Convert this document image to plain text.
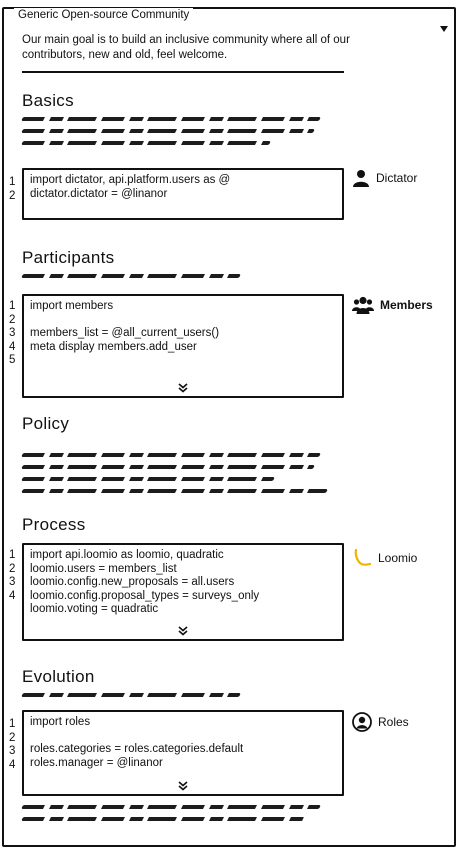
Generic Open-source Community
Our main goal is to build an inclusive community where all of our contributors, new and old, feel welcome.
Basics
1
2
import dictator, api.platform.users as @
dictator.dictator = @linanor
Dictator
Participants
1
2
3
4
5
import members
members_list = @all_current_users()
meta display members.add_user
Members
Policy
Process
1
2
3
4
import api.loomio as loomio, quadratic
loomio.users = members_list
loomio.config.new_proposals = all.users
loomio.config.proposal_types = surveys_only
loomio.voting = quadratic
Loomio
Evolution
1
2
3
4
import roles
roles.categories = roles.categories.default
roles.manager = @linanor
Roles
